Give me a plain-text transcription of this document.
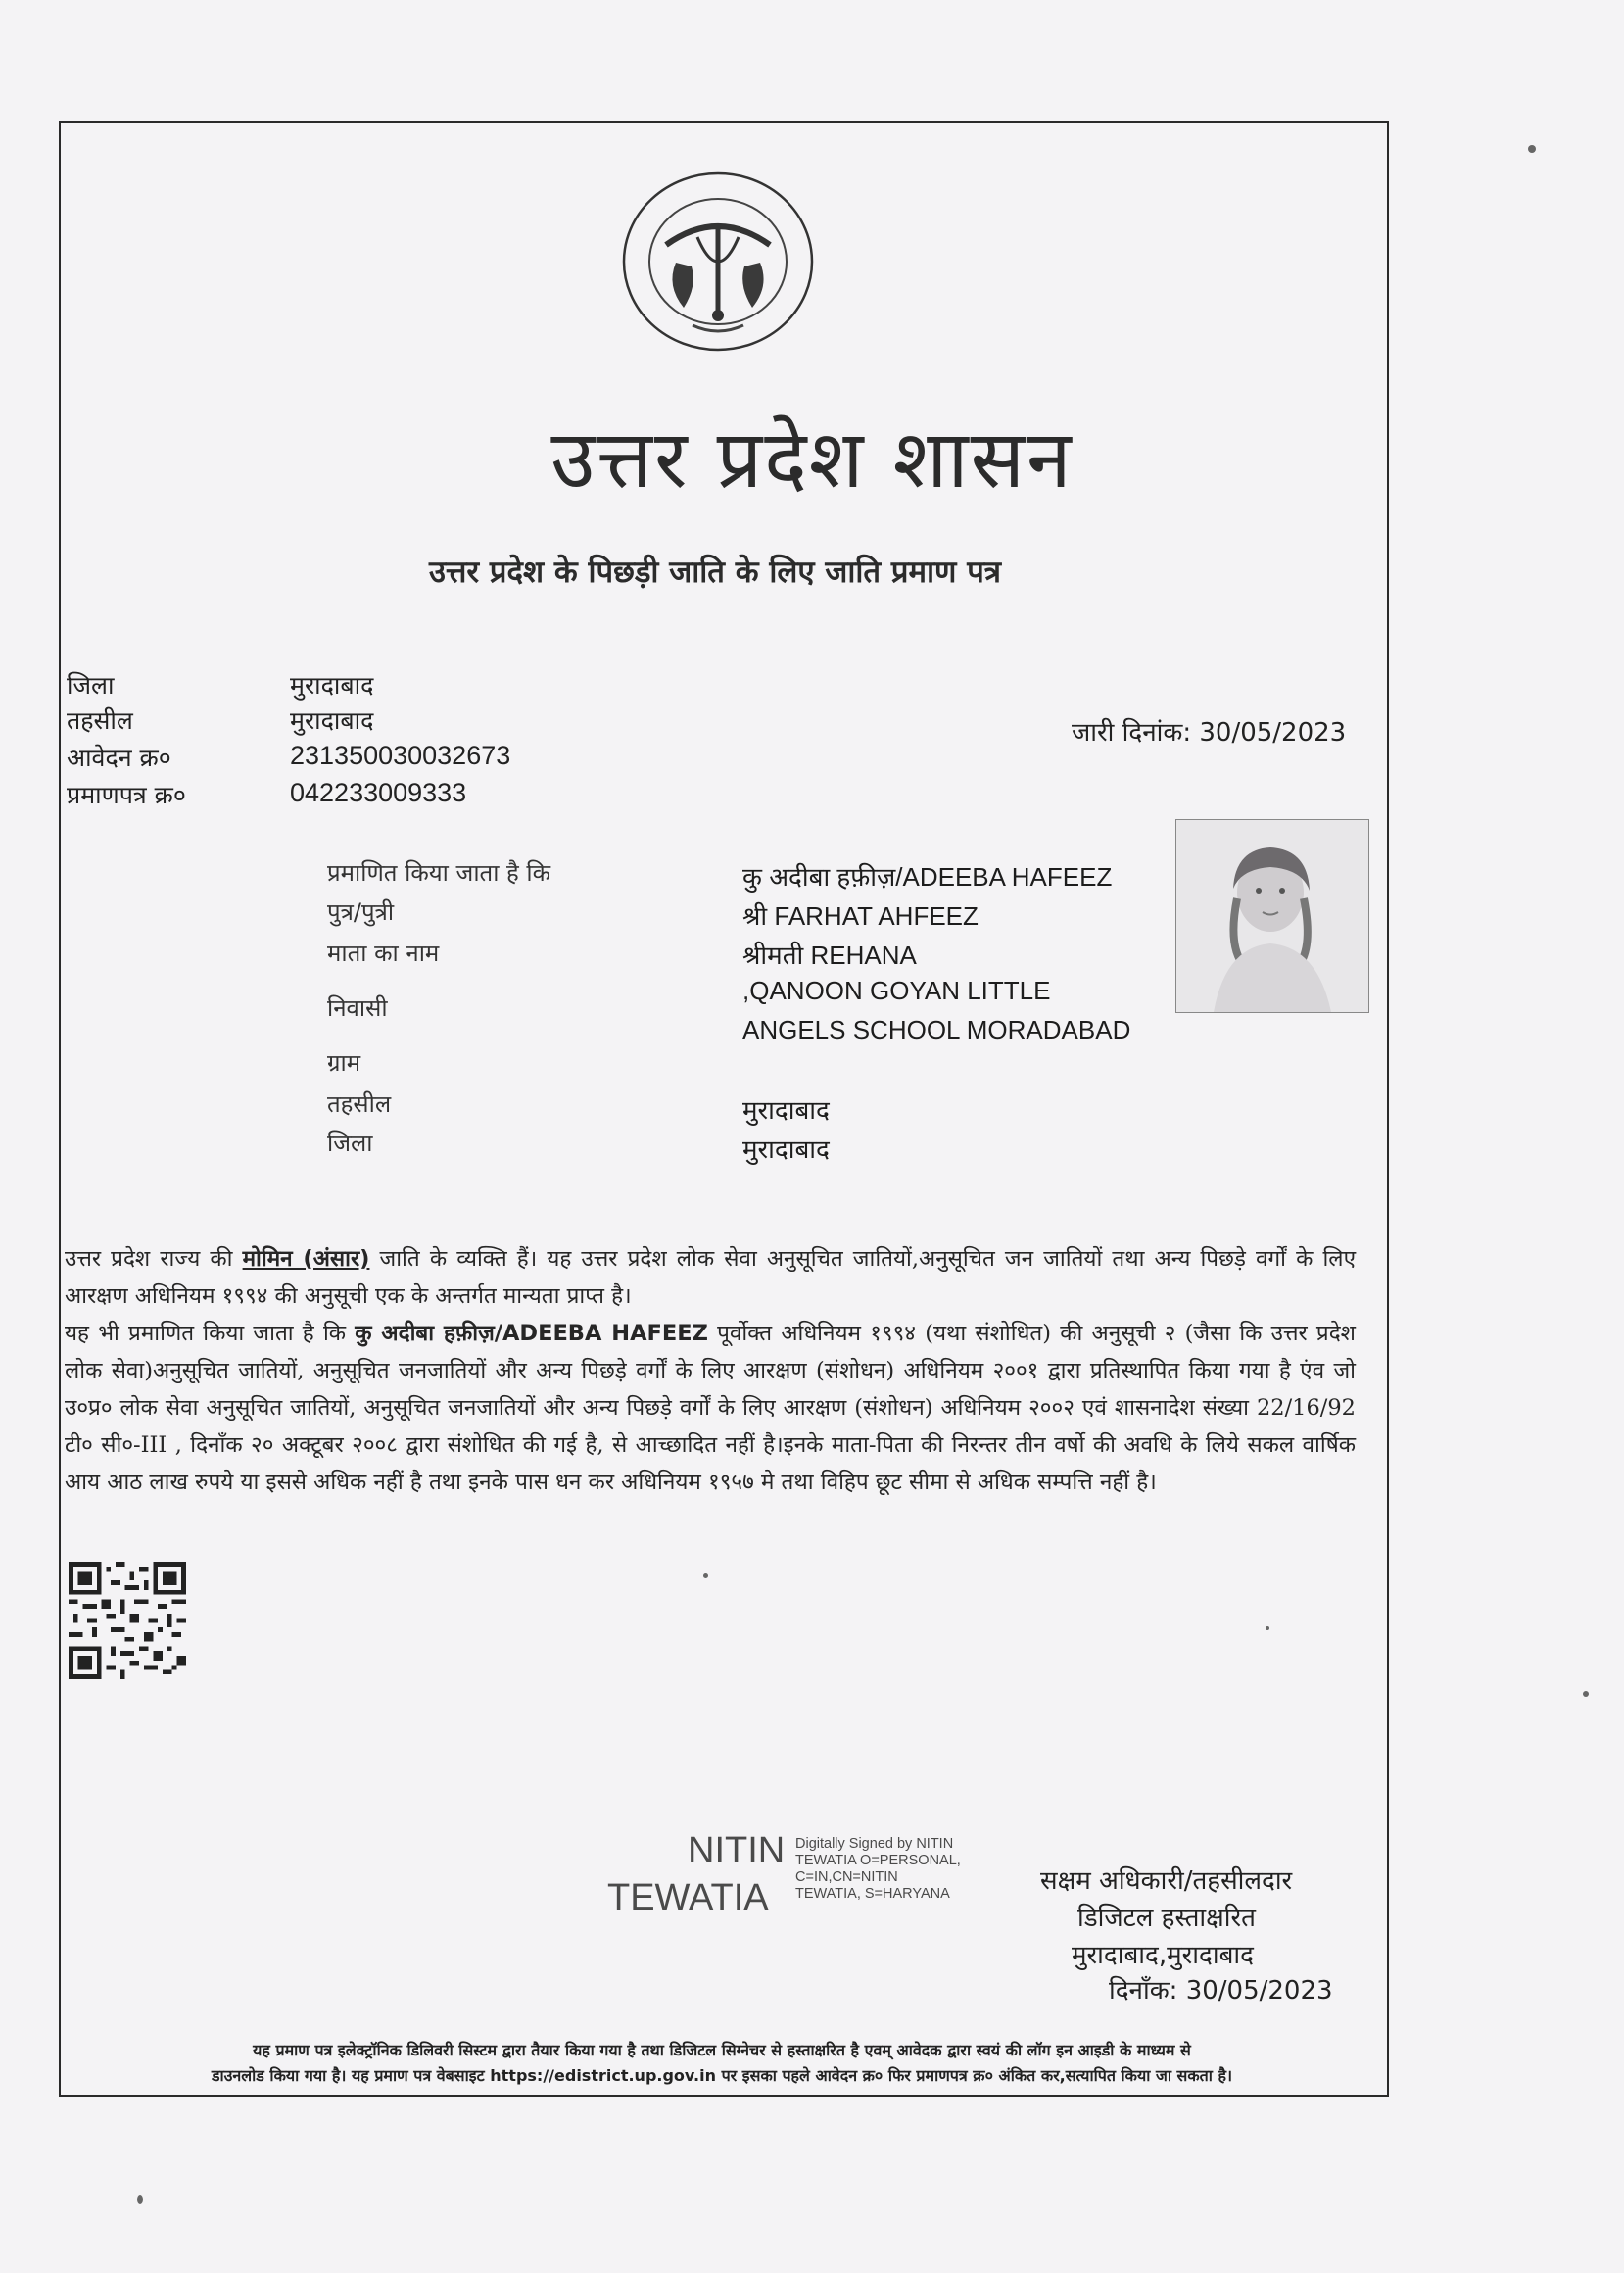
उत्तर प्रदेश शासन
उत्तर प्रदेश के पिछड़ी जाति के लिए जाति प्रमाण पत्र
जिला	मुरादाबाद
तहसील	मुरादाबाद
आवेदन क्र०	231350030032673
प्रमाणपत्र क्र०	042233009333
जारी दिनांक: 30/05/2023
प्रमाणित किया जाता है कि	कु अदीबा हफ़ीज़/ADEEBA HAFEEZ
पुत्र/पुत्री	श्री FARHAT AHFEEZ
माता का नाम	श्रीमती REHANA
निवासी
,QANOON GOYAN LITTLE
ANGELS SCHOOL MORADABAD
ग्राम
तहसील	मुरादाबाद
जिला	मुरादाबाद
उत्तर प्रदेश राज्य की मोमिन (अंसार) जाति के व्यक्ति हैं। यह उत्तर प्रदेश लोक सेवा अनुसूचित जातियों,अनुसूचित जन जातियों तथा अन्य पिछड़े वर्गों के लिए आरक्षण अधिनियम १९९४ की अनुसूची एक के अन्तर्गत मान्यता प्राप्त है।
यह भी प्रमाणित किया जाता है कि कु अदीबा हफ़ीज़/ADEEBA HAFEEZ पूर्वोक्त अधिनियम १९९४ (यथा संशोधित) की अनुसूची २ (जैसा कि उत्तर प्रदेश लोक सेवा)अनुसूचित जातियों, अनुसूचित जनजातियों और अन्य पिछड़े वर्गों के लिए आरक्षण (संशोधन) अधिनियम २००१ द्वारा प्रतिस्थापित किया गया है एंव जो उ०प्र० लोक सेवा अनुसूचित जातियों, अनुसूचित जनजातियों और अन्य पिछड़े वर्गों के लिए आरक्षण (संशोधन) अधिनियम २००२ एवं शासनादेश संख्या 22/16/92 टी० सी०-III , दिनाँक २० अक्टूबर २००८ द्वारा संशोधित की गई है, से आच्छादित नहीं है।इनके माता-पिता की निरन्तर तीन वर्षो की अवधि के लिये सकल वार्षिक आय आठ लाख रुपये या इससे अधिक नहीं है तथा इनके पास धन कर अधिनियम १९५७ मे तथा विहिप छूट सीमा से अधिक सम्पत्ति नहीं है।
NITIN
TEWATIA
Digitally Signed by NITIN
TEWATIA O=PERSONAL,
C=IN,CN=NITIN
TEWATIA, S=HARYANA	सक्षम अधिकारी/तहसीलदार
डिजिटल हस्ताक्षरित
मुरादाबाद,मुरादाबाद
दिनाँक: 30/05/2023
यह प्रमाण पत्र इलेक्ट्रॉनिक डिलिवरी सिस्टम द्वारा तैयार किया गया है तथा डिजिटल सिग्नेचर से हस्ताक्षरित है एवम् आवेदक द्वारा स्वयं की लॉग इन आइडी के माध्यम से
डाउनलोड किया गया है। यह प्रमाण पत्र वेबसाइट https://edistrict.up.gov.in पर इसका पहले आवेदन क्र० फिर प्रमाणपत्र क्र० अंकित कर,सत्यापित किया जा सकता है।
